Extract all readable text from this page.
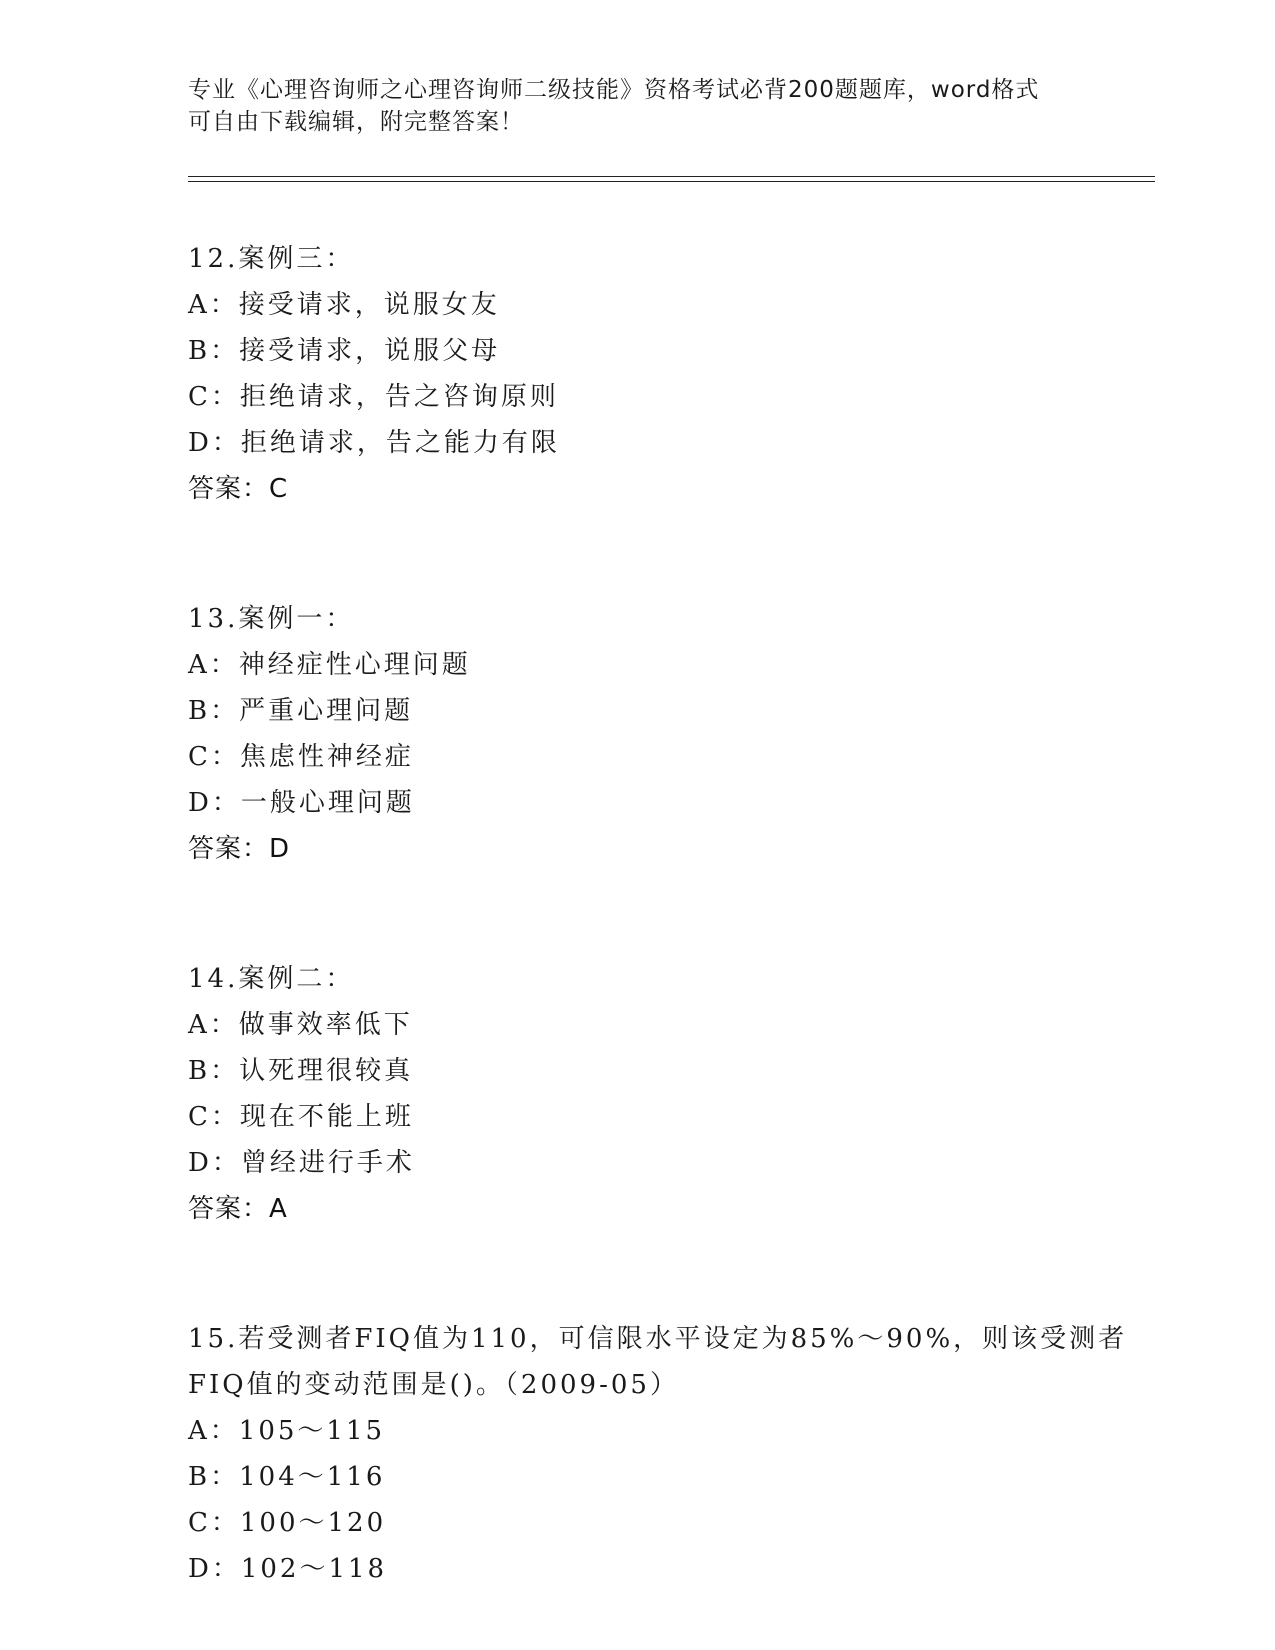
专业《心理咨询师之心理咨询师二级技能》资格考试必背200题题库，word格式
可自由下载编辑，附完整答案！
12.案例三：
A：接受请求，说服女友
B：接受请求，说服父母
C：拒绝请求，告之咨询原则
D：拒绝请求，告之能力有限
答案：C
13.案例一：
A：神经症性心理问题
B：严重心理问题
C：焦虑性神经症
D：一般心理问题
答案：D
14.案例二：
A：做事效率低下
B：认死理很较真
C：现在不能上班
D：曾经进行手术
答案：A
15.若受测者FIQ值为110，可信限水平设定为85%～90%，则该受测者
FIQ值的变动范围是()。（2009-05）
A：105～115
B：104～116
C：100～120
D：102～118
